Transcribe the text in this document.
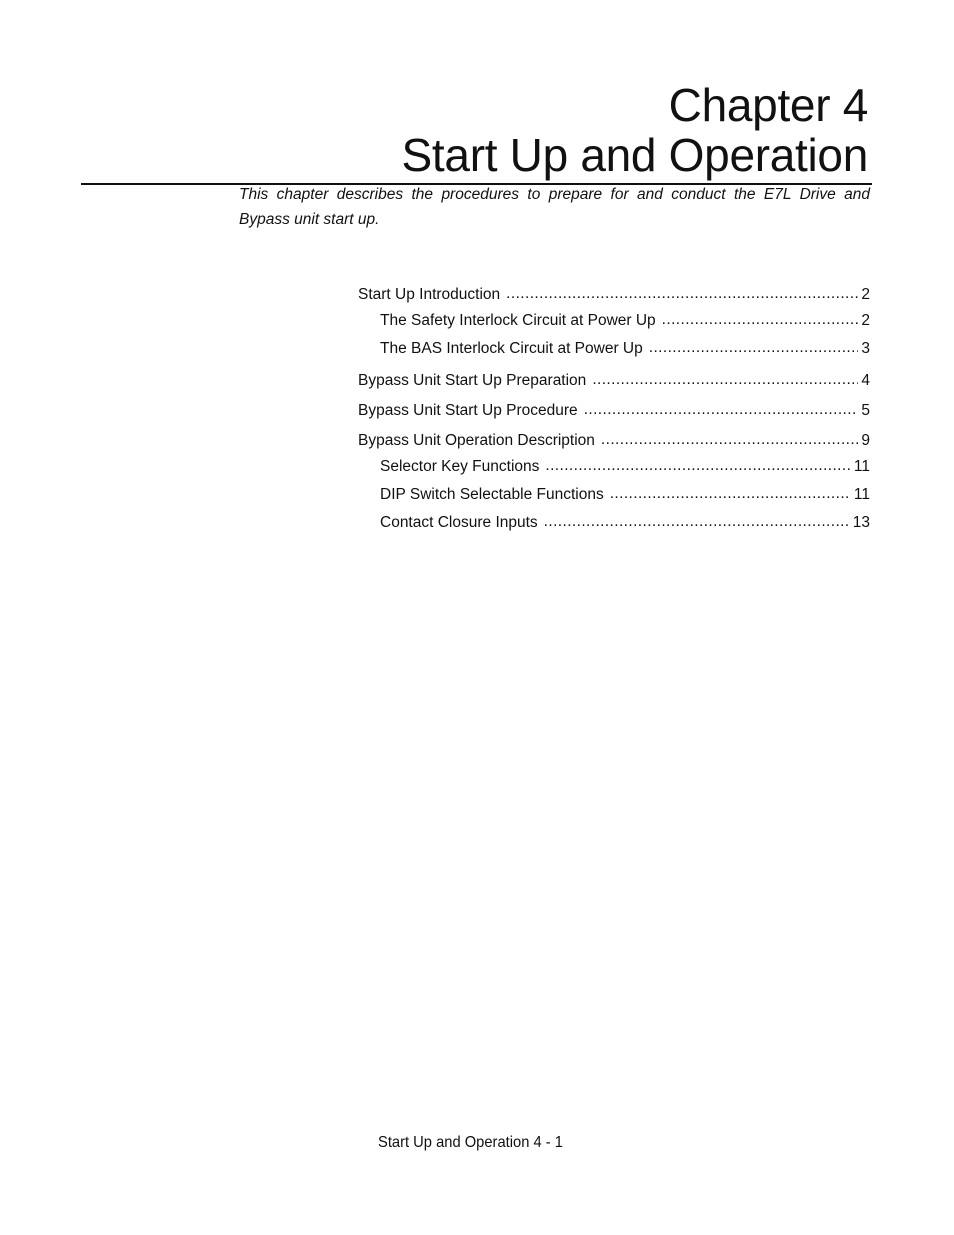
Chapter 4
Start Up and Operation

This chapter describes the procedures to prepare for and conduct the E7L Drive and Bypass unit start up.

Start Up Introduction .....	2
The Safety Interlock Circuit at Power Up .....	2
The BAS Interlock Circuit at Power Up .....	3
Bypass Unit Start Up Preparation .....	4
Bypass Unit Start Up Procedure .....	5
Bypass Unit Operation Description .....	9
Selector Key Functions .....	11
DIP Switch Selectable Functions .....	11
Contact Closure Inputs .....	13
Start Up and Operation 4 - 1
